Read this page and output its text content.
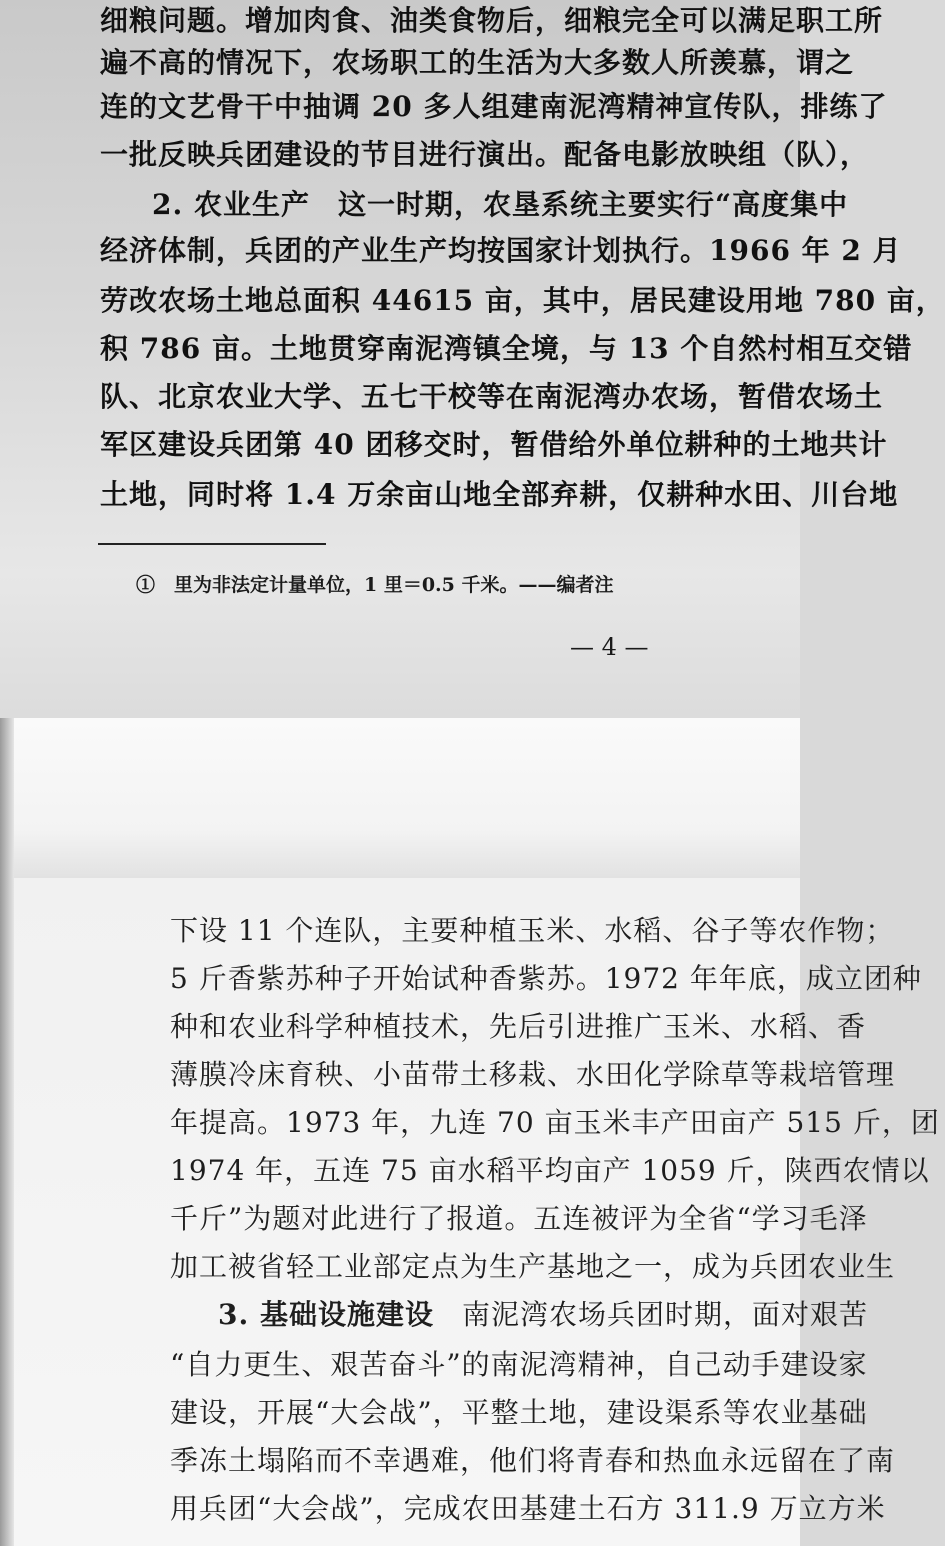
细粮问题。增加肉食、油类食物后，细粮完全可以满足职工所
遍不高的情况下，农场职工的生活为大多数人所羡慕，谓之
连的文艺骨干中抽调 20 多人组建南泥湾精神宣传队，排练了
一批反映兵团建设的节目进行演出。配备电影放映组（队），
2. 农业生产 这一时期，农垦系统主要实行“高度集中
经济体制，兵团的产业生产均按国家计划执行。1966 年 2 月
劳改农场土地总面积 44615 亩，其中，居民建设用地 780 亩，
积 786 亩。土地贯穿南泥湾镇全境，与 13 个自然村相互交错
队、北京农业大学、五七干校等在南泥湾办农场，暂借农场土
军区建设兵团第 40 团移交时，暂借给外单位耕种的土地共计
土地，同时将 1.4 万余亩山地全部弃耕，仅耕种水田、川台地
①　里为非法定计量单位，1 里＝0.5 千米。——编者注
— 4 —
下设 11 个连队，主要种植玉米、水稻、谷子等农作物；
5 斤香紫苏种子开始试种香紫苏。1972 年年底，成立团种
种和农业科学种植技术，先后引进推广玉米、水稻、香
薄膜冷床育秧、小苗带土移栽、水田化学除草等栽培管理
年提高。1973 年，九连 70 亩玉米丰产田亩产 515 斤，团
1974 年，五连 75 亩水稻平均亩产 1059 斤，陕西农情以
千斤”为题对此进行了报道。五连被评为全省“学习毛泽
加工被省轻工业部定点为生产基地之一，成为兵团农业生
3. 基础设施建设 南泥湾农场兵团时期，面对艰苦
“自力更生、艰苦奋斗”的南泥湾精神，自己动手建设家
建设，开展“大会战”，平整土地，建设渠系等农业基础
季冻土塌陷而不幸遇难，他们将青春和热血永远留在了南
用兵团“大会战”，完成农田基建土石方 311.9 万立方米
